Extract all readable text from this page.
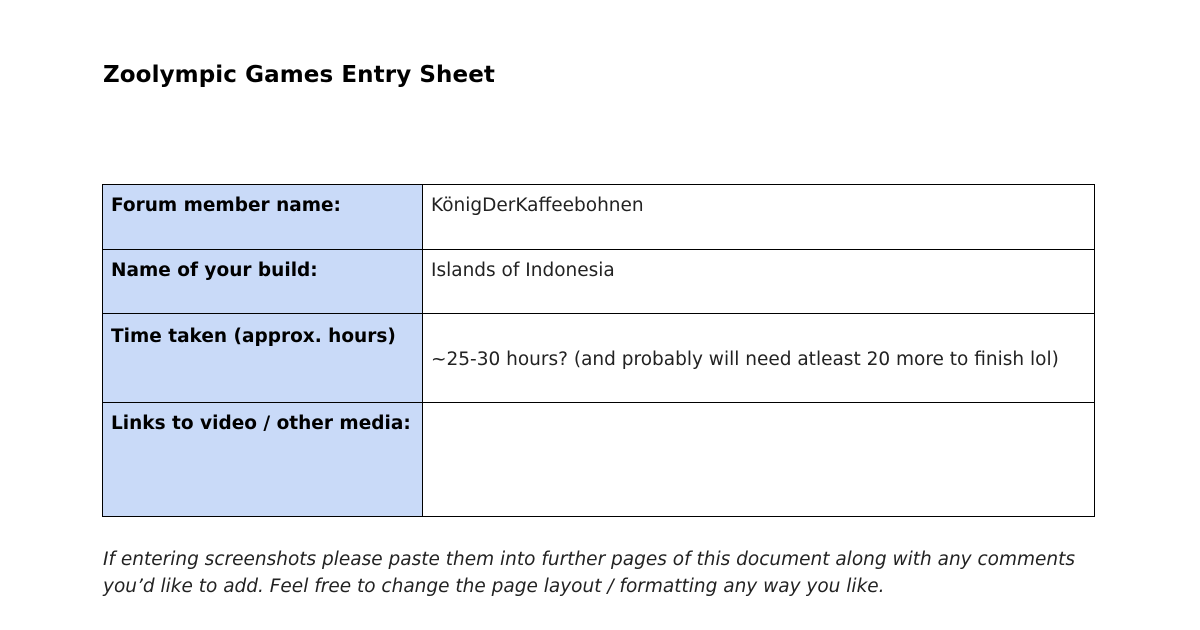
Zoolympic Games Entry Sheet
Forum member name:	KönigDerKaffeebohnen
Name of your build:	Islands of Indonesia
Time taken (approx. hours)	~25-30 hours? (and probably will need atleast 20 more to finish lol)
Links to video / other media:	

If entering screenshots please paste them into further pages of this document along with any comments you’d like to add. Feel free to change the page layout / formatting any way you like.
